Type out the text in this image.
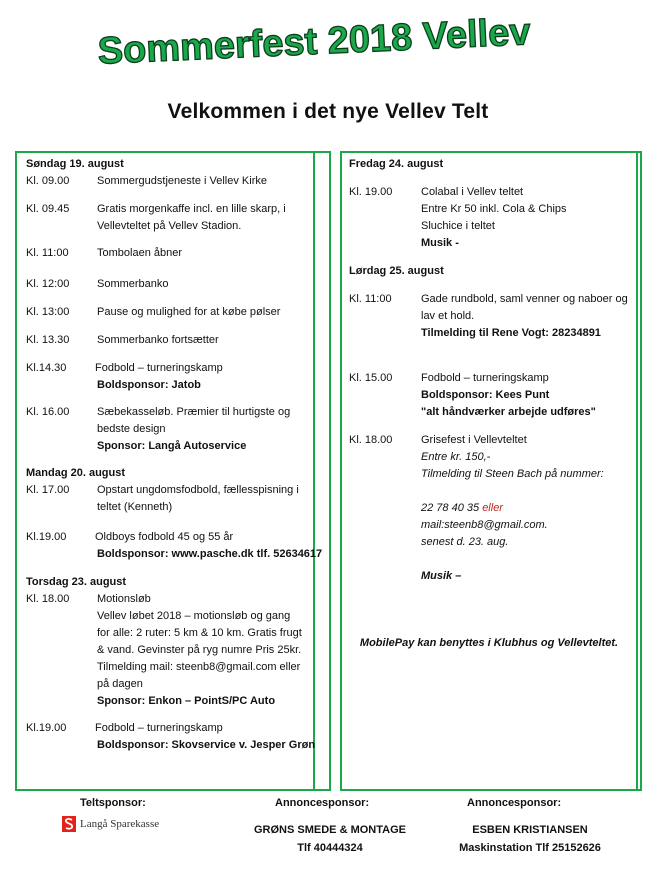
Sommerfest 2018 Vellev
Velkommen i det nye Vellev Telt
Søndag 19. august
Kl. 09.00	Sommergudstjeneste i Vellev Kirke
Kl. 09.45	Gratis morgenkaffe incl. en lille skarp, i
Vellevteltet på Vellev Stadion.
Kl. 11:00	Tombolaen åbner
Kl. 12:00	Sommerbanko
Kl. 13:00	Pause og mulighed for at købe pølser
Kl. 13.30	Sommerbanko fortsætter
Kl.14.30	Fodbold – turneringskamp
Boldsponsor: Jatob
Kl. 16.00	Sæbekasseløb. Præmier til hurtigste og
bedste design
Sponsor: Langå Autoservice
Mandag 20. august
Kl. 17.00	Opstart ungdomsfodbold, fællesspisning i
teltet (Kenneth)
Kl.19.00	Oldboys fodbold 45 og 55 år
Boldsponsor: www.pasche.dk tlf. 52634617
Torsdag 23. august
Kl. 18.00	Motionsløb
Vellev løbet 2018 – motionsløb og gang
for alle: 2 ruter: 5 km & 10 km. Gratis frugt
& vand. Gevinster på ryg numre Pris 25kr.
Tilmelding mail: steenb8@gmail.com eller
på dagen
Sponsor: Enkon – PointS/PC Auto
Kl.19.00	Fodbold – turneringskamp
Boldsponsor: Skovservice v. Jesper Grøn
Fredag 24. august
Kl. 19.00	Colabal i Vellev teltet
Entre Kr 50 inkl. Cola & Chips
Sluchice i teltet
Musik -
Lørdag 25. august
Kl. 11:00	Gade rundbold, saml venner og naboer og
lav et hold.
Tilmelding til Rene Vogt: 28234891
Kl. 15.00	Fodbold – turneringskamp
Boldsponsor: Kees Punt
"alt håndværker arbejde udføres"
Kl. 18.00	Grisefest i Vellevteltet
Entre kr. 150,-
Tilmelding til Steen Bach på nummer:
22 78 40 35 eller
mail:steenb8@gmail.com.
senest d. 23. aug.
Musik –
MobilePay kan benyttes i Klubhus og Vellevteltet.
Teltsponsor:
Langå Sparekasse
Annoncesponsor:
GRØNS SMEDE & MONTAGE
Tlf 40444324
Annoncesponsor:
ESBEN KRISTIANSEN
Maskinstation Tlf 25152626
